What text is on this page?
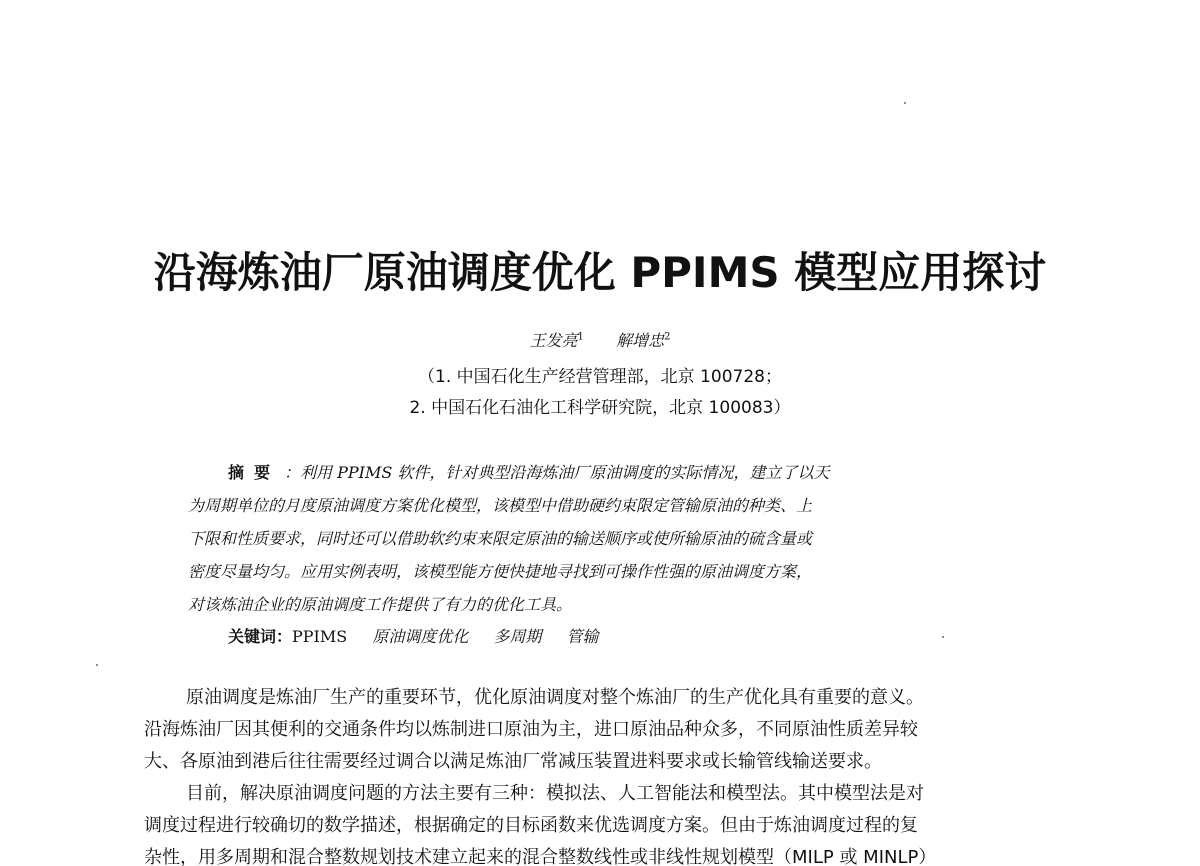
沿海炼油厂原油调度优化 PPIMS 模型应用探讨
王发亮$^1$ 解增忠$^2$
（1. 中国石化生产经营管理部，北京 100728；
2. 中国石化石油化工科学研究院，北京 100083）
摘要 ：利用 PPIMS 软件，针对典型沿海炼油厂原油调度的实际情况，建立了以天
为周期单位的月度原油调度方案优化模型，该模型中借助硬约束限定管输原油的种类、上
下限和性质要求，同时还可以借助软约束来限定原油的输送顺序或使所输原油的硫含量或
密度尽量均匀。应用实例表明，该模型能方便快捷地寻找到可操作性强的原油调度方案，
对该炼油企业的原油调度工作提供了有力的优化工具。
关键词：PPIMS 原油调度优化 多周期 管输
原油调度是炼油厂生产的重要环节，优化原油调度对整个炼油厂的生产优化具有重要的意义。
沿海炼油厂因其便利的交通条件均以炼制进口原油为主，进口原油品种众多，不同原油性质差异较
大、各原油到港后往往需要经过调合以满足炼油厂常减压装置进料要求或长输管线输送要求。
目前，解决原油调度问题的方法主要有三种：模拟法、人工智能法和模型法。其中模型法是对
调度过程进行较确切的数学描述，根据确定的目标函数来优选调度方案。但由于炼油调度过程的复
杂性，用多周期和混合整数规划技术建立起来的混合整数线性或非线性规划模型（MILP 或 MINLP）
